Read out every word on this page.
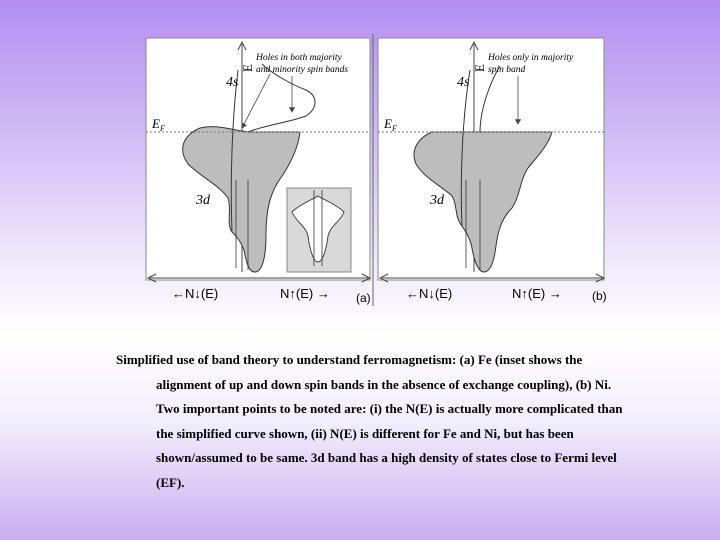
E
$E_F$
4s
3d
Holes in both majority
and minority spin bands
←N↓(E)	N↑(E) → (a)
E
$E_F$
4s
3d
Holes only in majority
spin band
←N↓(E)	N↑(E) →	(b)
Simplified use of band theory to understand ferromagnetism: (a) Fe (inset shows the
alignment of up and down spin bands in the absence of exchange coupling), (b) Ni. Two important points to be noted are: (i) the N(E) is actually more complicated than the simplified curve shown, (ii) N(E) is different for Fe and Ni, but has been shown/assumed to be same. 3d band has a high density of states close to Fermi level (EF).
